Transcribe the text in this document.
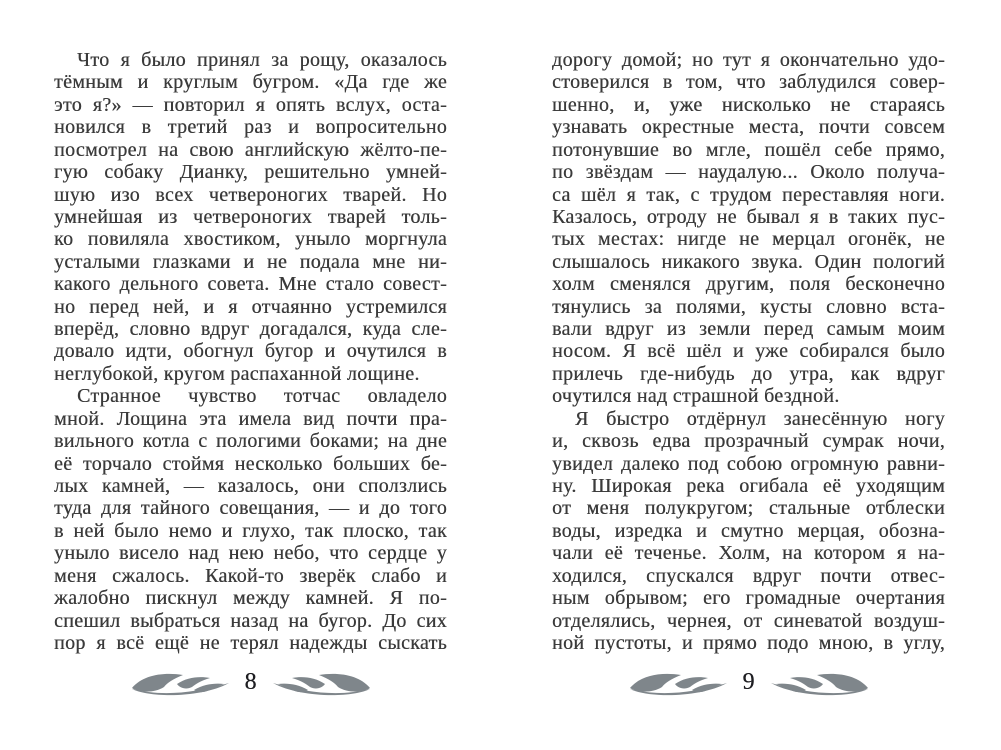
Что я было принял за рощу, оказалось
тёмным и круглым бугром. «Да где же
это я?» — повторил я опять вслух, оста-
новился в третий раз и вопросительно
посмотрел на свою английскую жёлто-пе-
гую собаку Дианку, решительно умней-
шую изо всех четвероногих тварей. Но
умнейшая из четвероногих тварей толь-
ко повиляла хвостиком, уныло моргнула
усталыми глазками и не подала мне ни-
какого дельного совета. Мне стало совест-
но перед ней, и я отчаянно устремился
вперёд, словно вдруг догадался, куда сле-
довало идти, обогнул бугор и очутился в
неглубокой, кругом распаханной лощине.
Странное чувство тотчас овладело
мной. Лощина эта имела вид почти пра-
вильного котла с пологими боками; на дне
её торчало стоймя несколько больших бе-
лых камней, — казалось, они сползлись
туда для тайного совещания, — и до того
в ней было немо и глухо, так плоско, так
уныло висело над нею небо, что сердце у
меня сжалось. Какой-то зверёк слабо и
жалобно пискнул между камней. Я по-
спешил выбраться назад на бугор. До сих
пор я всё ещё не терял надежды сыскать
8
дорогу домой; но тут я окончательно удо-
стоверился в том, что заблудился совер-
шенно, и, уже нисколько не стараясь
узнавать окрестные места, почти совсем
потонувшие во мгле, пошёл себе прямо,
по звёздам — наудалую... Около получа-
са шёл я так, с трудом переставляя ноги.
Казалось, отроду не бывал я в таких пус-
тых местах: нигде не мерцал огонёк, не
слышалось никакого звука. Один пологий
холм сменялся другим, поля бесконечно
тянулись за полями, кусты словно вста-
вали вдруг из земли перед самым моим
носом. Я всё шёл и уже собирался было
прилечь где-нибудь до утра, как вдруг
очутился над страшной бездной.
Я быстро отдёрнул занесённую ногу
и, сквозь едва прозрачный сумрак ночи,
увидел далеко под собою огромную равни-
ну. Широкая река огибала её уходящим
от меня полукругом; стальные отблески
воды, изредка и смутно мерцая, обозна-
чали её теченье. Холм, на котором я на-
ходился, спускался вдруг почти отвес-
ным обрывом; его громадные очертания
отделялись, чернея, от синеватой воздуш-
ной пустоты, и прямо подо мною, в углу,
9
